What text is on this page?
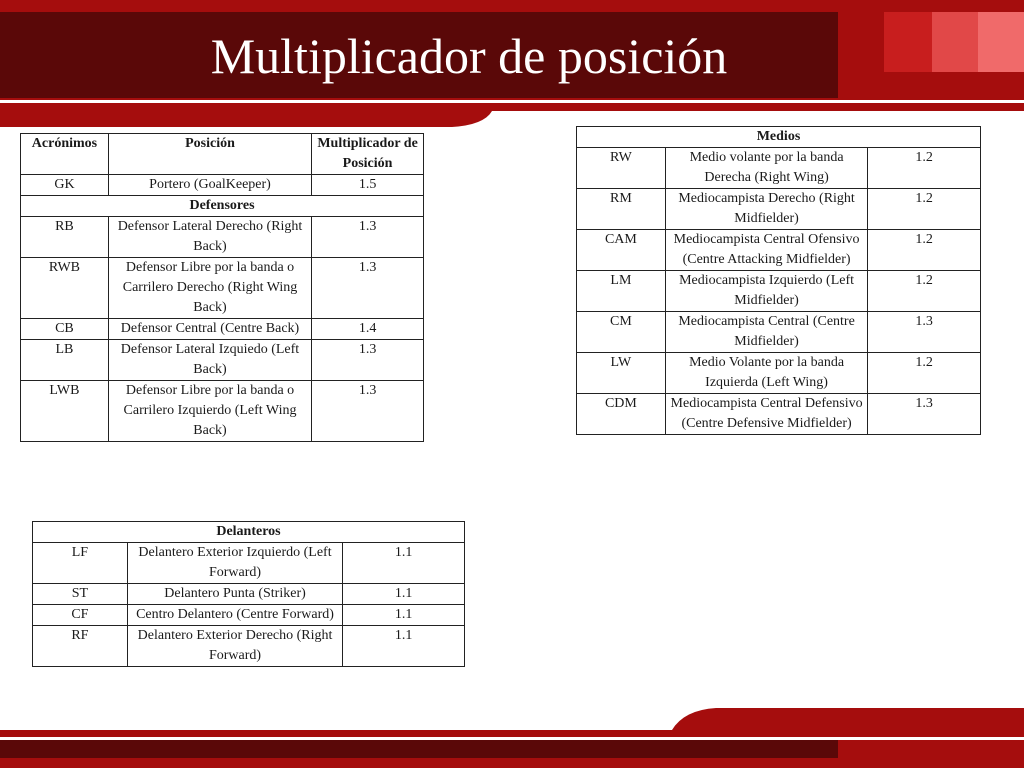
Multiplicador de posición
Acrónimos	Posición	Multiplicador de Posición
GK	Portero (GoalKeeper)	1.5
Defensores		
RB	Defensor Lateral Derecho (Right Back)	1.3
RWB	Defensor Libre por la banda o Carrilero Derecho (Right Wing Back)	1.3
CB	Defensor Central (Centre Back)	1.4
LB	Defensor Lateral Izquiedo (Left Back)	1.3
LWB	Defensor Libre por la banda o Carrilero Izquierdo (Left Wing Back)	1.3
Medios		
RW	Medio volante por la banda Derecha (Right Wing)	1.2
RM	Mediocampista Derecho (Right Midfielder)	1.2
CAM	Mediocampista Central Ofensivo (Centre Attacking Midfielder)	1.2
LM	Mediocampista Izquierdo (Left Midfielder)	1.2
CM	Mediocampista Central (Centre Midfielder)	1.3
LW	Medio Volante por la banda Izquierda (Left Wing)	1.2
CDM	Mediocampista Central Defensivo (Centre Defensive Midfielder)	1.3
Delanteros		
LF	Delantero Exterior Izquierdo (Left Forward)	1.1
ST	Delantero Punta (Striker)	1.1
CF	Centro Delantero (Centre Forward)	1.1
RF	Delantero Exterior Derecho (Right Forward)	1.1
